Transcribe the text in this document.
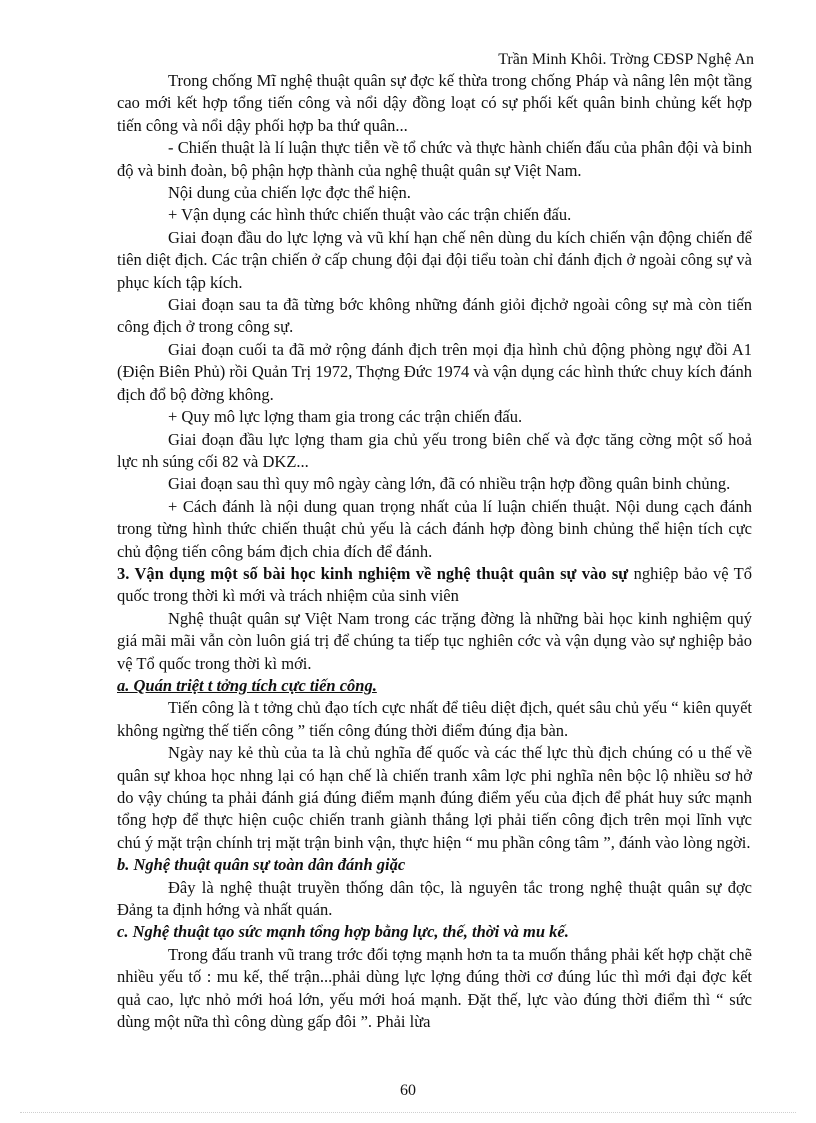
Trần Minh Khôi. Trờng CĐSP Nghệ An

Trong chống Mĩ nghệ thuật quân sự đợc kế thừa trong chống Pháp và nâng lên một tầng cao mới kết hợp tổng tiến công và nổi dậy đồng loạt có sự phối kết quân binh chủng kết hợp tiến công và nổi dậy phối hợp ba thứ quân...

- Chiến thuật là lí luận thực tiễn về tổ chức và thực hành chiến đấu của phân đội và binh độ và binh đoàn, bộ phận hợp thành của nghệ thuật quân sự Việt Nam.

Nội dung của chiến lợc đợc thể hiện.

+ Vận dụng các hình thức chiến thuật vào các trận chiến đấu.

Giai đoạn đầu do lực lợng và vũ khí hạn chế nên dùng du kích chiến vận động chiến để tiên diệt địch. Các trận chiến ở cấp chung đội đại đội tiểu toàn chỉ đánh địch ở ngoài công sự và phục kích tập kích.

Giai đoạn sau ta đã từng bớc không những đánh giỏi địchở ngoài công sự mà còn tiến công địch ở trong công sự.

Giai đoạn cuối ta đã mở rộng đánh địch trên mọi địa hình chủ động phòng ngự đồi A1 (Điện Biên Phủ) rồi Quản Trị 1972, Thợng Đức 1974 và vận dụng các hình thức chuy kích đánh địch đổ bộ đờng không.

+ Quy mô lực lợng tham gia trong các trận chiến đấu.

Giai đoạn đầu lực lợng tham gia chủ yếu trong biên chế và đợc tăng cờng một số hoả lực nh súng cối 82 và DKZ...

Giai đoạn sau thì quy mô ngày càng lớn, đã có nhiều trận hợp đồng quân binh chủng.

+ Cách đánh là nội dung quan trọng nhất của lí luận chiến thuật. Nội dung cạch đánh trong từng hình thức chiến thuật chủ yếu là cách đánh hợp đòng binh chủng thể hiện tích cực chủ động tiến công bám địch chia đích để đánh.

3. Vận dụng một số bài học kinh nghiệm về nghệ thuật quân sự vào sự nghiệp bảo vệ Tổ quốc trong thời kì mới và trách nhiệm của sinh viên

Nghệ thuật quân sự Việt Nam trong các trặng đờng là những bài học kinh nghiệm quý giá mãi mãi vẫn còn luôn giá trị để chúng ta tiếp tục nghiên cớc và vận dụng vào sự nghiệp bảo vệ Tổ quốc trong thời kì mới.

a. Quán triệt t tởng tích cực tiến công.

Tiến công là t tởng chủ đạo tích cực nhất để tiêu diệt địch, quét sâu chủ yếu “ kiên quyết không ngừng thế tiến công ” tiến công đúng thời điểm đúng địa bàn.

Ngày nay kẻ thù của ta là chủ nghĩa đế quốc và các thế lực thù địch chúng có u thế về quân sự khoa học nhng lại có hạn chế là chiến tranh xâm lợc phi nghĩa nên bộc lộ nhiều sơ hở do vậy chúng ta phải đánh giá đúng điểm mạnh đúng điểm yếu của địch để phát huy sức mạnh tổng hợp để thực hiện cuộc chiến tranh giành thắng lợi phải tiến công địch trên mọi lĩnh vực chú ý mặt trận chính trị mặt trận binh vận, thực hiện “ mu phần công tâm ”, đánh vào lòng ngời.

b. Nghệ thuật quân sự toàn dân đánh giặc

Đây là nghệ thuật truyền thống dân tộc, là nguyên tắc trong nghệ thuật quân sự đợc Đảng ta định hớng và nhất quán.

c. Nghệ thuật tạo sức mạnh tổng hợp bằng lực, thế, thời và mu kế.

Trong đấu tranh vũ trang trớc đối tợng mạnh hơn ta ta muốn thắng phải kết hợp chặt chẽ nhiều yếu tố : mu kế, thế trận...phải dùng lực lợng đúng thời cơ đúng lúc thì mới đại đợc kết quả cao, lực nhỏ mới hoá lớn, yếu mới hoá mạnh. Đặt thế, lực vào đúng thời điểm thì “ sức dùng một nữa thì công dùng gấp đôi ”. Phải lừa

60
